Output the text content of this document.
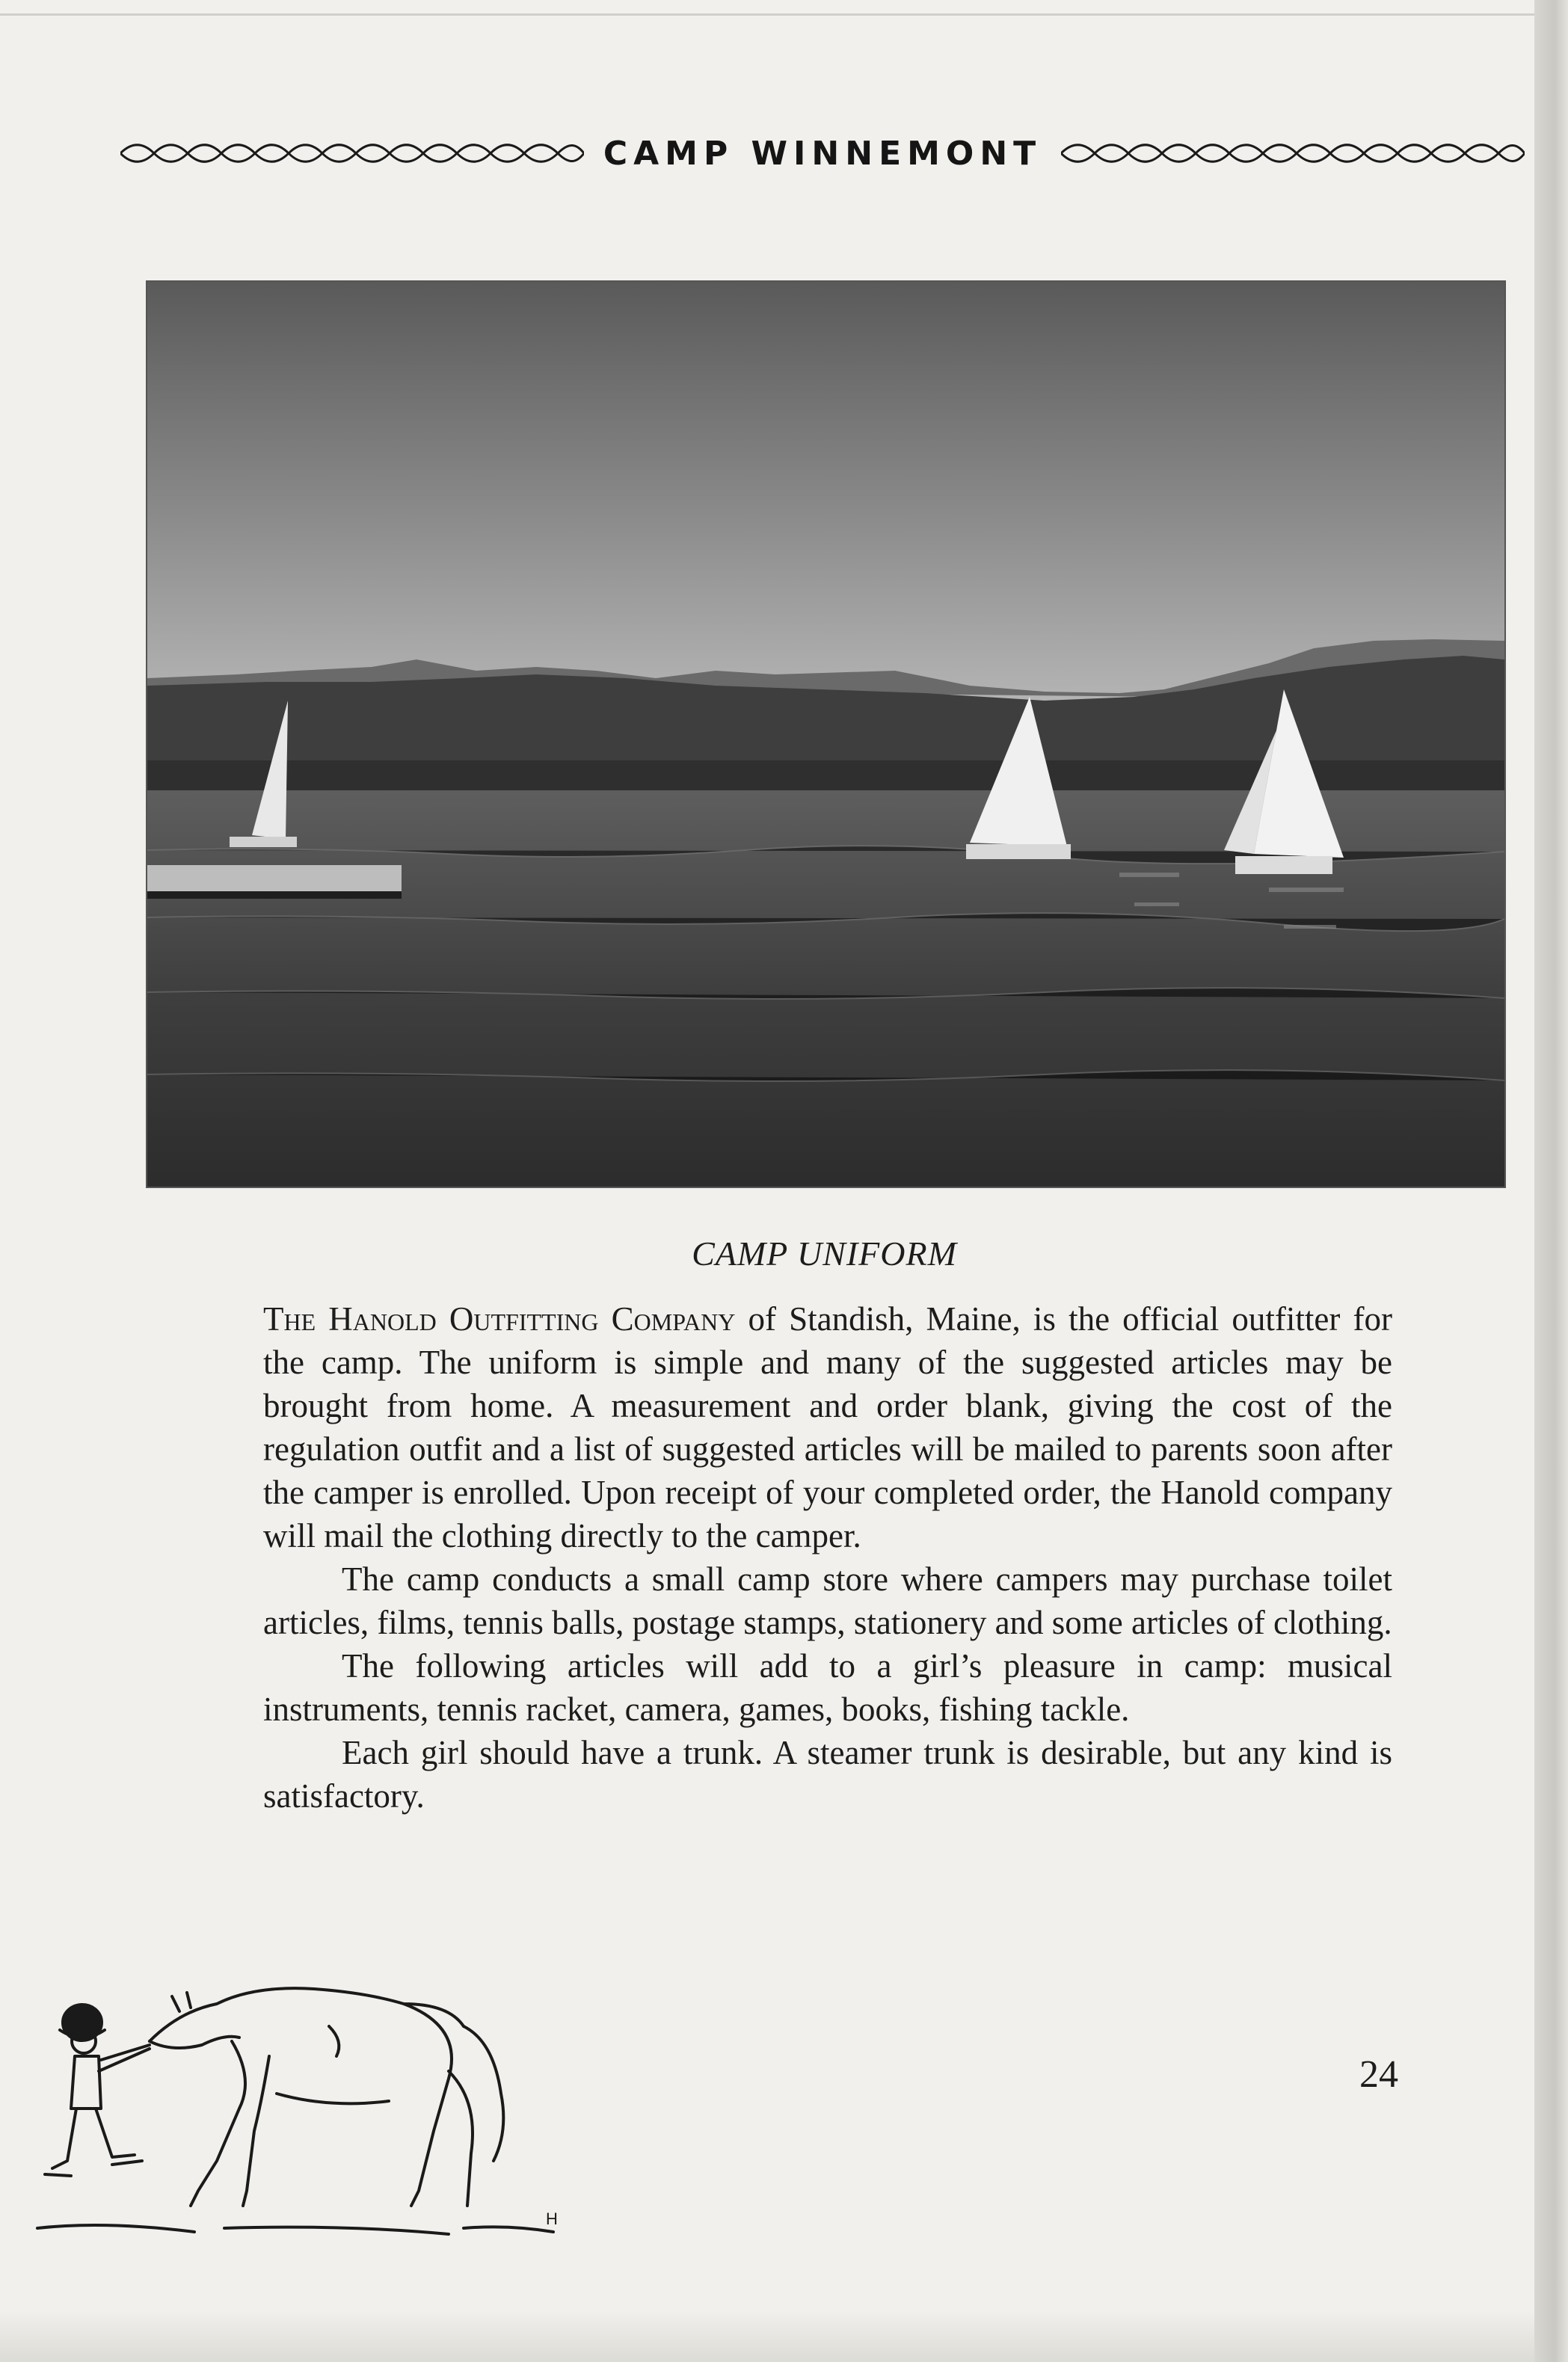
CAMP WINNEMONT
CAMP UNIFORM

The Hanold Outfitting Company of Standish, Maine, is the official outfitter for the camp. The uniform is simple and many of the suggested articles may be brought from home. A measurement and order blank, giving the cost of the regulation outfit and a list of suggested articles will be mailed to parents soon after the camper is enrolled. Upon receipt of your completed order, the Hanold company will mail the clothing directly to the camper.

The camp conducts a small camp store where campers may purchase toilet articles, films, tennis balls, postage stamps, stationery and some articles of clothing.

The following articles will add to a girl’s pleasure in camp: musical instruments, tennis racket, camera, games, books, fishing tackle.

Each girl should have a trunk. A steamer trunk is desirable, but any kind is satisfactory.

H
24
